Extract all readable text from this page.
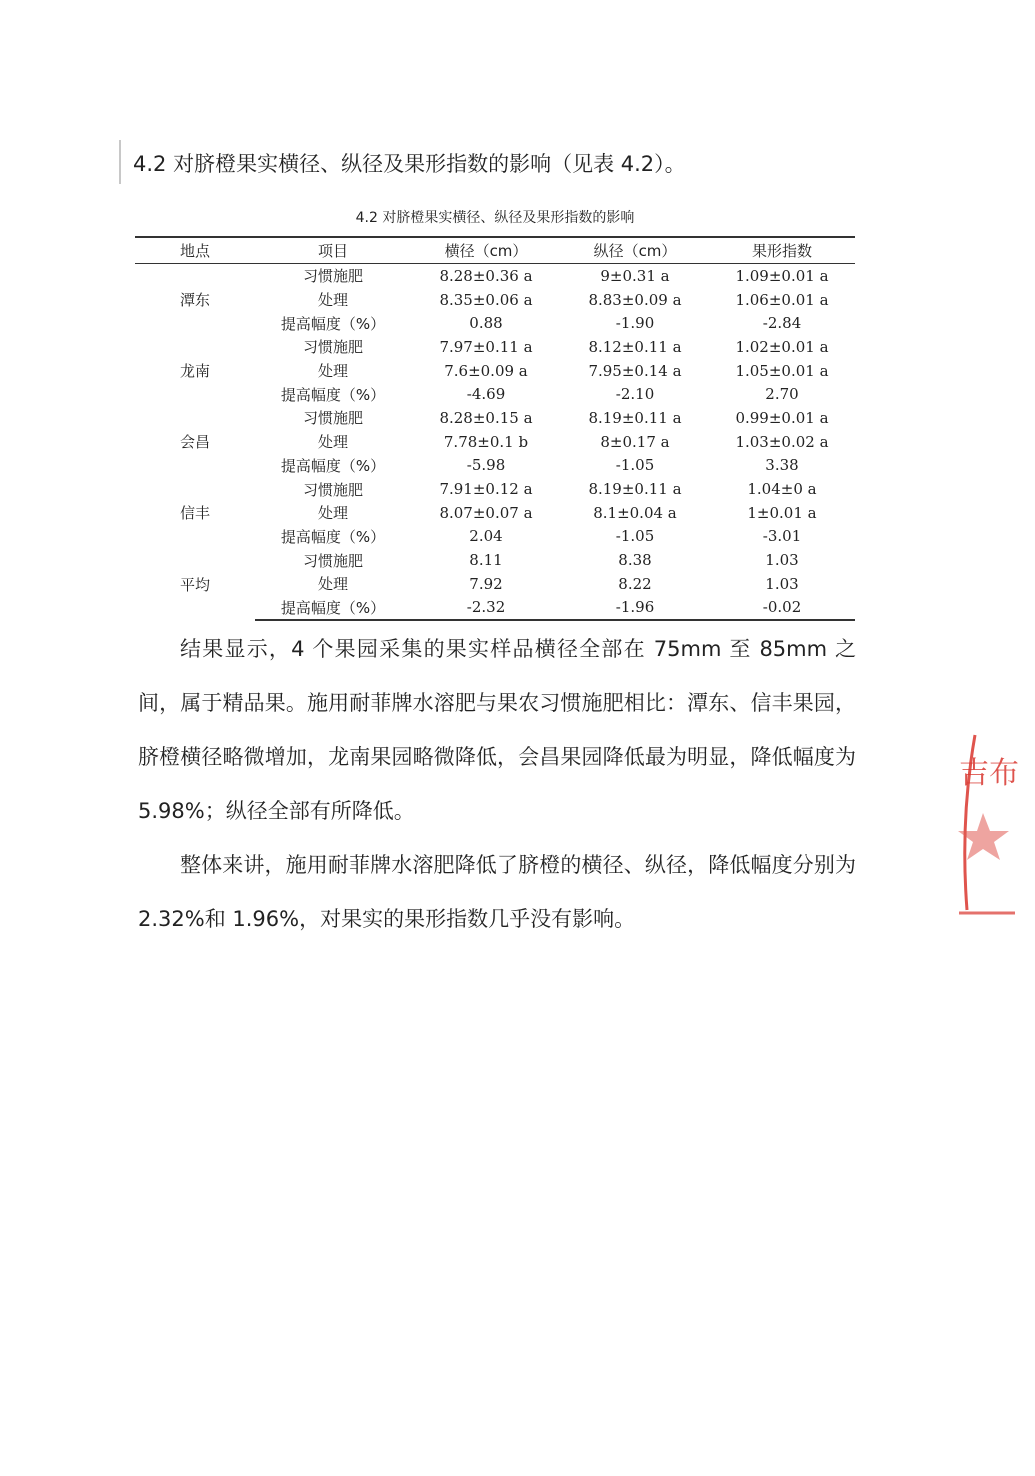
4.2 对脐橙果实横径、纵径及果形指数的影响（见表 4.2）。
4.2 对脐橙果实横径、纵径及果形指数的影响
地点	项目	横径（cm）	纵径（cm）	果形指数
潭东	习惯施肥	8.28±0.36 a	9±0.31 a	1.09±0.01 a
	处理	8.35±0.06 a	8.83±0.09 a	1.06±0.01 a
	提高幅度（%）	0.88	-1.90	-2.84
龙南	习惯施肥	7.97±0.11 a	8.12±0.11 a	1.02±0.01 a
	处理	7.6±0.09 a	7.95±0.14 a	1.05±0.01 a
	提高幅度（%）	-4.69	-2.10	2.70
会昌	习惯施肥	8.28±0.15 a	8.19±0.11 a	0.99±0.01 a
	处理	7.78±0.1 b	8±0.17 a	1.03±0.02 a
	提高幅度（%）	-5.98	-1.05	3.38
信丰	习惯施肥	7.91±0.12 a	8.19±0.11 a	1.04±0 a
	处理	8.07±0.07 a	8.1±0.04 a	1±0.01 a
	提高幅度（%）	2.04	-1.05	-3.01
平均	习惯施肥	8.11	8.38	1.03
	处理	7.92	8.22	1.03
	提高幅度（%）	-2.32	-1.96	-0.02
结果显示，4 个果园采集的果实样品横径全部在 75mm 至 85mm 之间，属于精品果。施用耐菲牌水溶肥与果农习惯施肥相比：潭东、信丰果园，脐橙横径略微增加，龙南果园略微降低，会昌果园降低最为明显，降低幅度为 5.98%；纵径全部有所降低。
整体来讲，施用耐菲牌水溶肥降低了脐橙的横径、纵径，降低幅度分别为 2.32%和 1.96%，对果实的果形指数几乎没有影响。
吉布
